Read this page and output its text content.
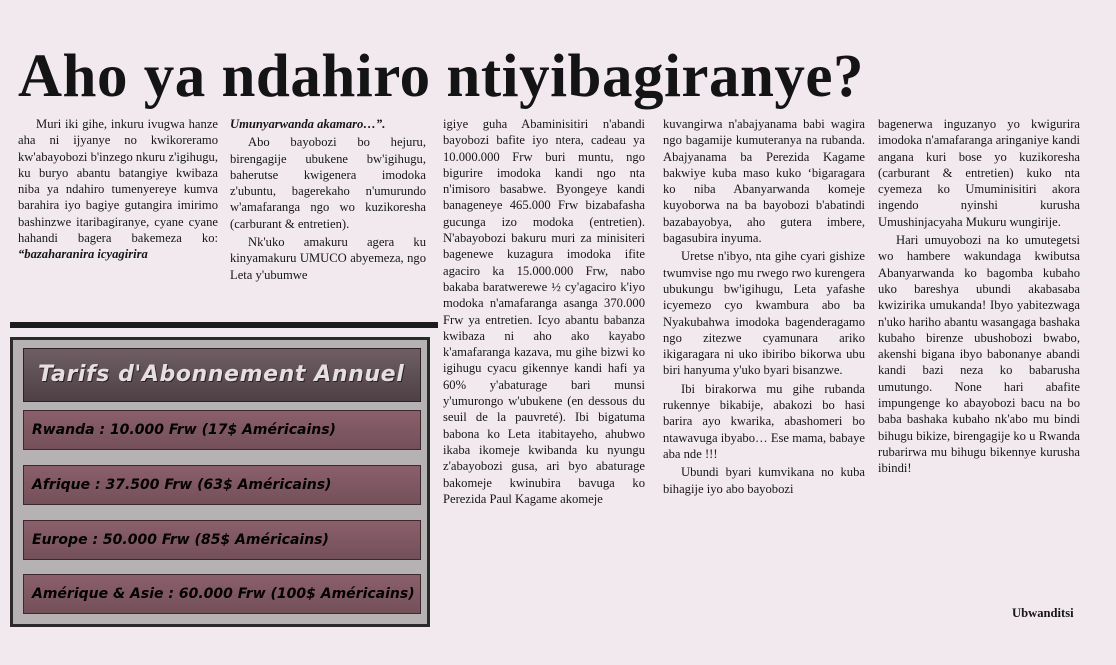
Aho ya ndahiro ntiyibagiranye?

Muri iki gihe, inkuru ivugwa hanze aha ni ijyanye no kwikoreramo kw'abayobozi b'inzego nkuru z'igihugu, ku buryo abantu batangiye kwibaza niba ya ndahiro tumenyereye kumva barahira iyo bagiye gutangira imirimo bashinzwe itaribagiranye, cyane cyane hahandi bagera bakemeza ko: “bazaharanira icyagirira

Umunyarwanda akamaro…”.

Abo bayobozi bo hejuru, birengagije ubukene bw'igihugu, baherutse kwigenera imodoka z'ubuntu, bagerekaho n'umurundo w'amafaranga ngo wo kuzikoresha (carburant & entretien).

Nk'uko amakuru agera ku kinyamakuru UMUCO abyemeza, ngo Leta y'ubumwe

igiye guha Abaminisitiri n'abandi bayobozi bafite iyo ntera, cadeau ya 10.000.000 Frw buri muntu, ngo bigurire imodoka kandi ngo nta n'imisoro basabwe. Byongeye kandi banageneye 465.000 Frw bizabafasha gucunga izo modoka (entretien). N'abayobozi bakuru muri za minisiteri bagenewe kuzagura imodoka ifite agaciro ka 15.000.000 Frw, nabo bakaba baratwerewe ½ cy'agaciro k'iyo modoka n'amafaranga asanga 370.000 Frw ya entretien. Icyo abantu babanza kwibaza ni aho ako kayabo k'amafaranga kazava, mu gihe bizwi ko igihugu cyacu gikennye kandi hafi ya 60% y'abaturage bari munsi y'umurongo w'ubukene (en dessous du seuil de la pauvreté). Ibi bigatuma babona ko Leta itabitayeho, ahubwo ikaba ikomeje kwibanda ku nyungu z'abayobozi gusa, ari byo abaturage bakomeje kwinubira bavuga ko Perezida Paul Kagame akomeje

kuvangirwa n'abajyanama babi wagira ngo bagamije kumuteranya na rubanda. Abajyanama ba Perezida Kagame bakwiye kuba maso kuko ‘bigaragara ko niba Abanyarwanda komeje kuyoborwa na ba bayobozi b'abatindi bazabayobya, aho gutera imbere, bagasubira inyuma.

Uretse n'ibyo, nta gihe cyari gishize twumvise ngo mu rwego rwo kurengera ubukungu bw'igihugu, Leta yafashe icyemezo cyo kwambura abo ba Nyakubahwa imodoka bagenderagamo ngo zitezwe cyamunara ariko ikigaragara ni uko ibiribo bikorwa ubu biri hanyuma y'uko byari bisanzwe.

Ibi birakorwa mu gihe rubanda rukennye bikabije, abakozi bo hasi barira ayo kwarika, abashomeri bo ntawavuga ibyabo… Ese mama, babaye aba nde !!!

Ubundi byari kumvikana no kuba bihagije iyo abo bayobozi

bagenerwa inguzanyo yo kwigurira imodoka n'amafaranga aringaniye kandi angana kuri bose yo kuzikoresha (carburant & entretien) kuko nta cyemeza ko Umuminisitiri akora ingendo nyinshi kurusha Umushinjacyaha Mukuru wungirije.

Hari umuyobozi na ko umutegetsi wo hambere wakundaga kwibutsa Abanyarwanda ko bagomba kubaho uko bareshya ubundi akabasaba kwizirika umukanda! Ibyo yabitezwaga n'uko hariho abantu wasangaga bashaka kubaho birenze ubushobozi bwabo, akenshi bigana ibyo babonanye abandi kandi bazi neza ko babarusha umutungo. None hari abafite impungenge ko abayobozi bacu na bo baba bashaka kubaho nk'abo mu bindi bihugu bikize, birengagije ko u Rwanda rubarirwa mu bihugu bikennye kurusha ibindi!

Ubwanditsi
Tarifs d'Abonnement Annuel
Rwanda : 10.000 Frw (17$ Américains)
Afrique : 37.500 Frw (63$ Américains)
Europe : 50.000 Frw (85$ Américains)
Amérique & Asie : 60.000 Frw (100$ Américains)
